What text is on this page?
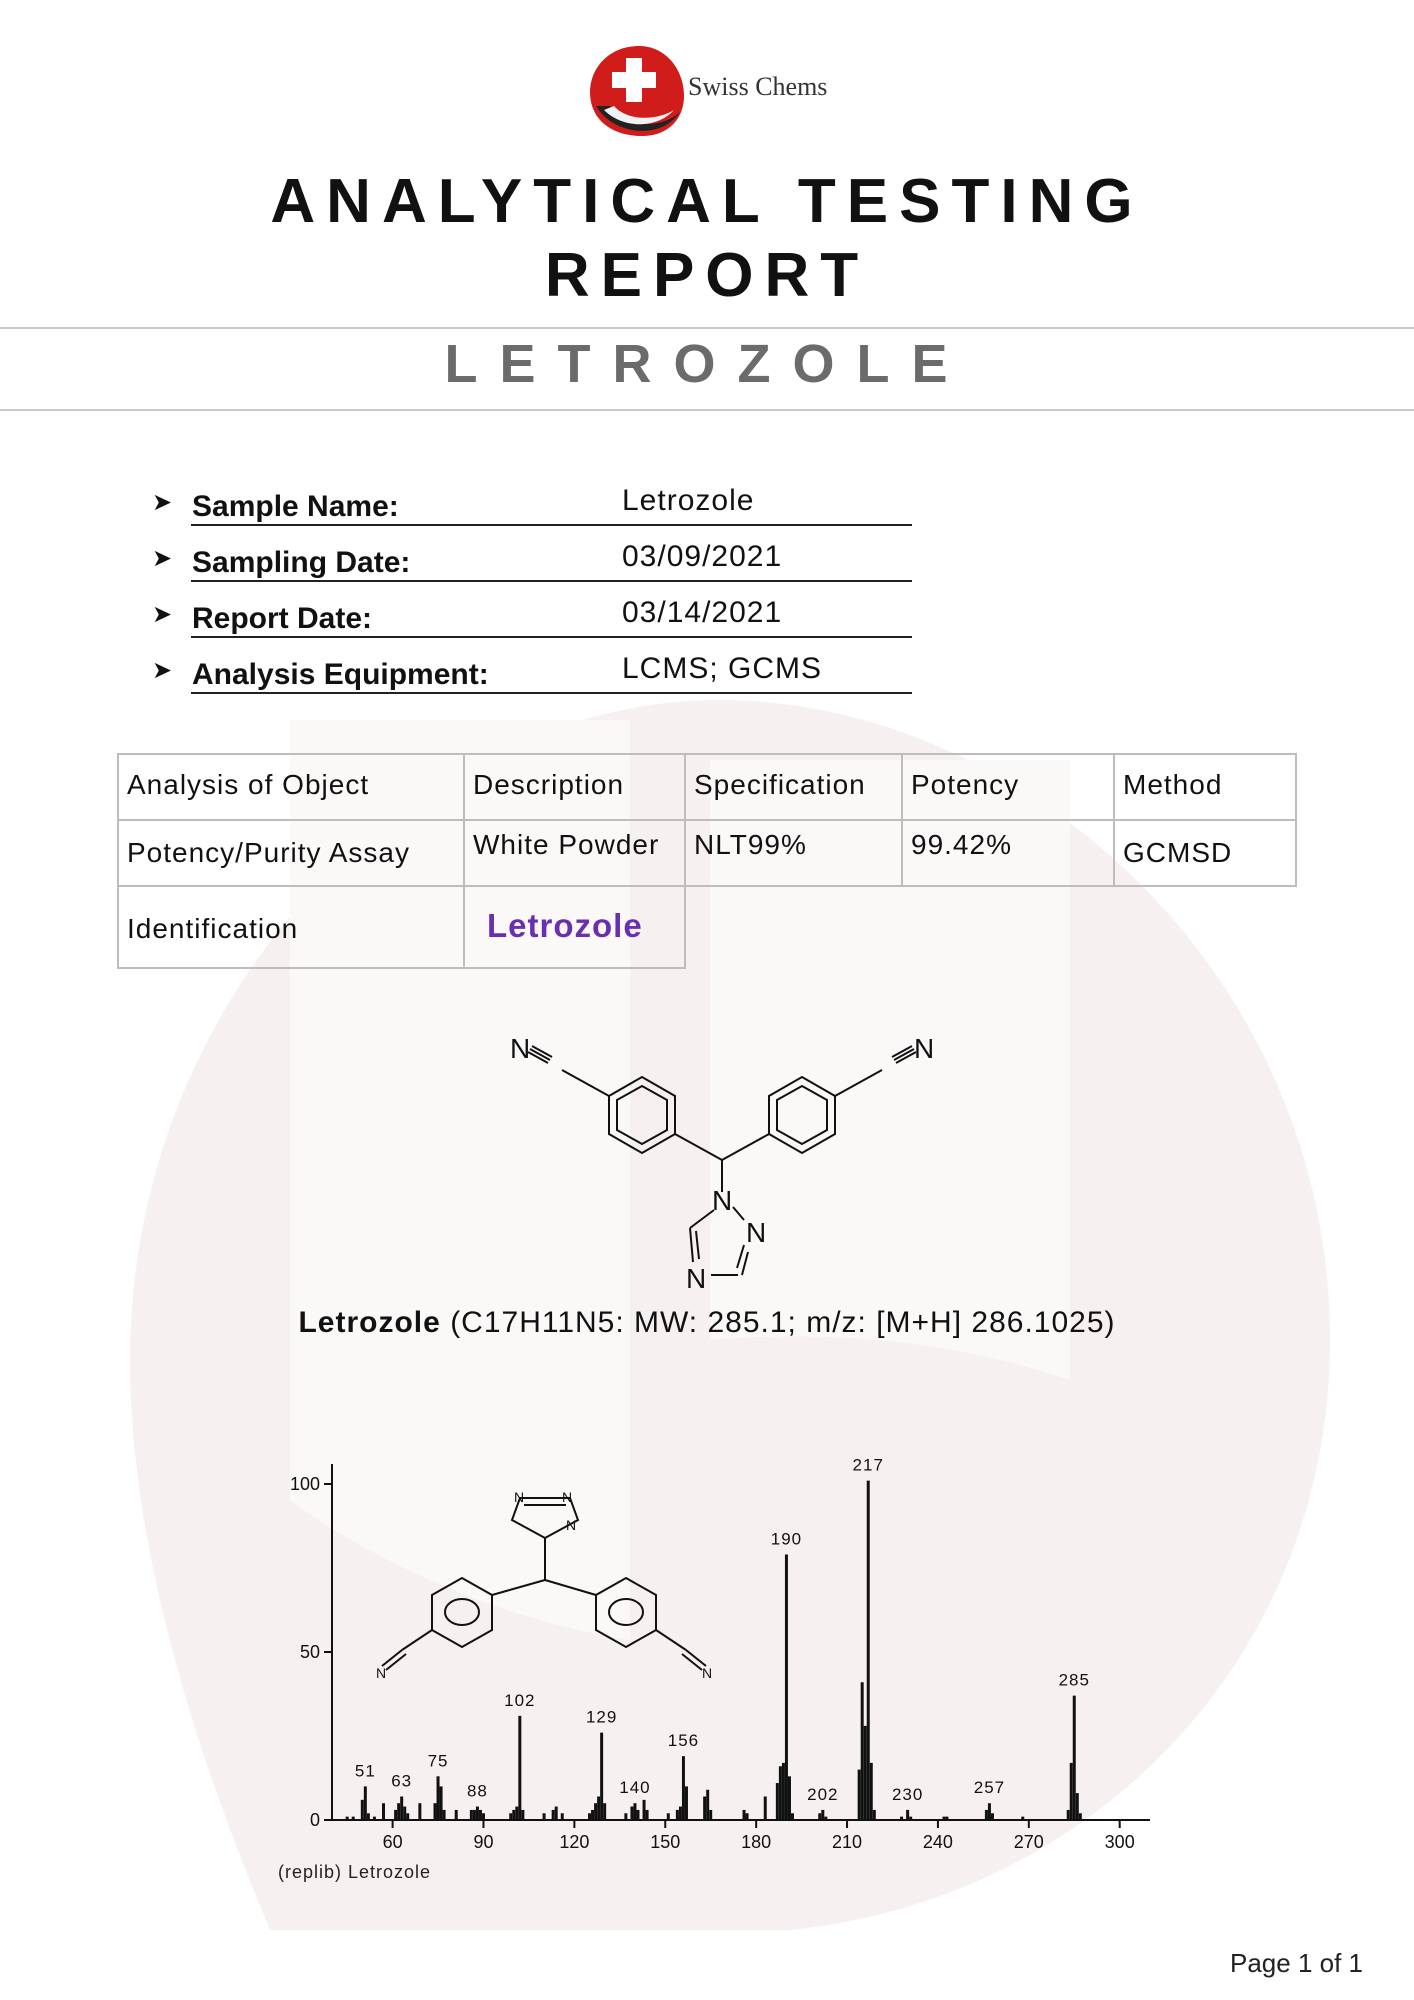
Swiss Chems
ANALYTICAL TESTING
REPORT
LETROZOLE
➤ Sample Name:	Letrozole
➤ Sampling Date:	03/09/2021
➤ Report Date:	03/14/2021
➤ Analysis Equipment:	LCMS; GCMS
Analysis of Object	Description	Specification	Potency	Method
Potency/Purity Assay	White Powder	NLT99%	99.42%	GCMSD
Identification	Letrozole
N	N
N
N
N
Letrozole (C17H11N5: MW: 285.1; m/z: [M+H] 286.1025)
N
N
N
N	N
0
50
100
60	90	120	150	180	210	240	270	300
51
63
75
88
102
129
140
156
190
202
217
230	257
285
(replib) Letrozole
Page 1 of 1
